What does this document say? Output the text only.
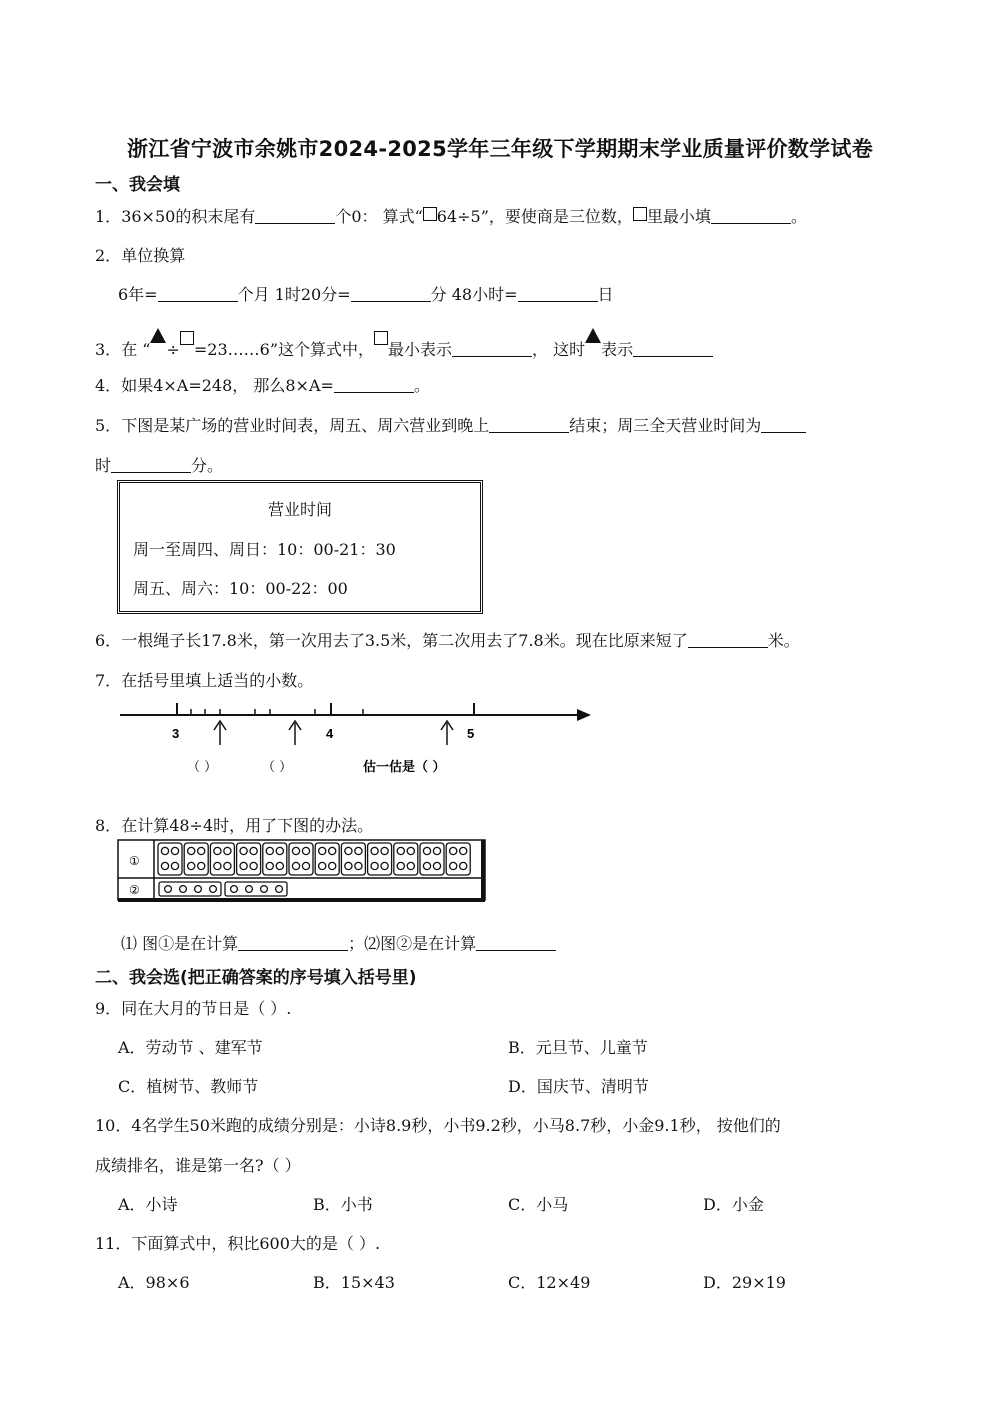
浙江省宁波市余姚市2024-2025学年三年级下学期期末学业质量评价数学试卷
一、我会填
1．36×50的积末尾有	个0： 算式“ 64÷5”，要使商是三位数， 里最小填	。
2．单位换算
6年=	个月 1时20分=	分 48小时=	日
3．在 “ ÷ =23……6”这个算式中， 最小表示	， 这时 表示
4．如果4×A=248， 那么8×A=	。
5．下图是某广场的营业时间表，周五、周六营业到晚上	结束；周三全天营业时间为
时	分。
营业时间
周一至周四、周日：10：00-21：30
周五、周六：10：00-22：00
6．一根绳子长17.8米，第一次用去了3.5米，第二次用去了7.8米。现在比原来短了	米。
7．在括号里填上适当的小数。
3	4	5
（ ）	（ ）	估一估是（ ）
8．在计算48÷4时，用了下图的办法。
①
②
⑴ 图①是在计算	；⑵图②是在计算
二、我会选(把正确答案的序号填入括号里)
9．同在大月的节日是（ ）.
A．劳动节 、建军节	B．元旦节、儿童节
C．植树节、教师节	D．国庆节、清明节
10．4名学生50米跑的成绩分别是：小诗8.9秒，小书9.2秒，小马8.7秒，小金9.1秒， 按他们的
成绩排名，谁是第一名?（ ）
A．小诗	B．小书	C．小马	D．小金
11．下面算式中，积比600大的是（ ）.
A．98×6	B．15×43	C．12×49	D．29×19
